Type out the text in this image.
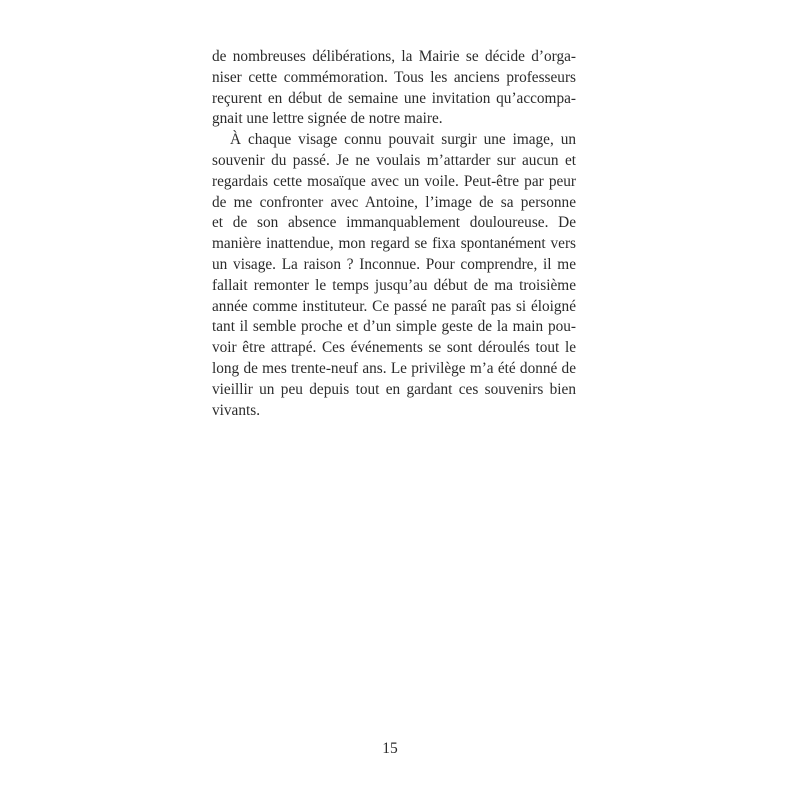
de nombreuses délibérations, la Mairie se décide d’orga-
niser cette commémoration. Tous les anciens professeurs
reçurent en début de semaine une invitation qu’accompa-
gnait une lettre signée de notre maire.
À chaque visage connu pouvait surgir une image, un
souvenir du passé. Je ne voulais m’attarder sur aucun et
regardais cette mosaïque avec un voile. Peut-être par peur
de me confronter avec Antoine, l’image de sa personne
et de son absence immanquablement douloureuse. De
manière inattendue, mon regard se fixa spontanément vers
un visage. La raison ? Inconnue. Pour comprendre, il me
fallait remonter le temps jusqu’au début de ma troisième
année comme instituteur. Ce passé ne paraît pas si éloigné
tant il semble proche et d’un simple geste de la main pou-
voir être attrapé. Ces événements se sont déroulés tout le
long de mes trente-neuf ans. Le privilège m’a été donné de
vieillir un peu depuis tout en gardant ces souvenirs bien
vivants.
15
